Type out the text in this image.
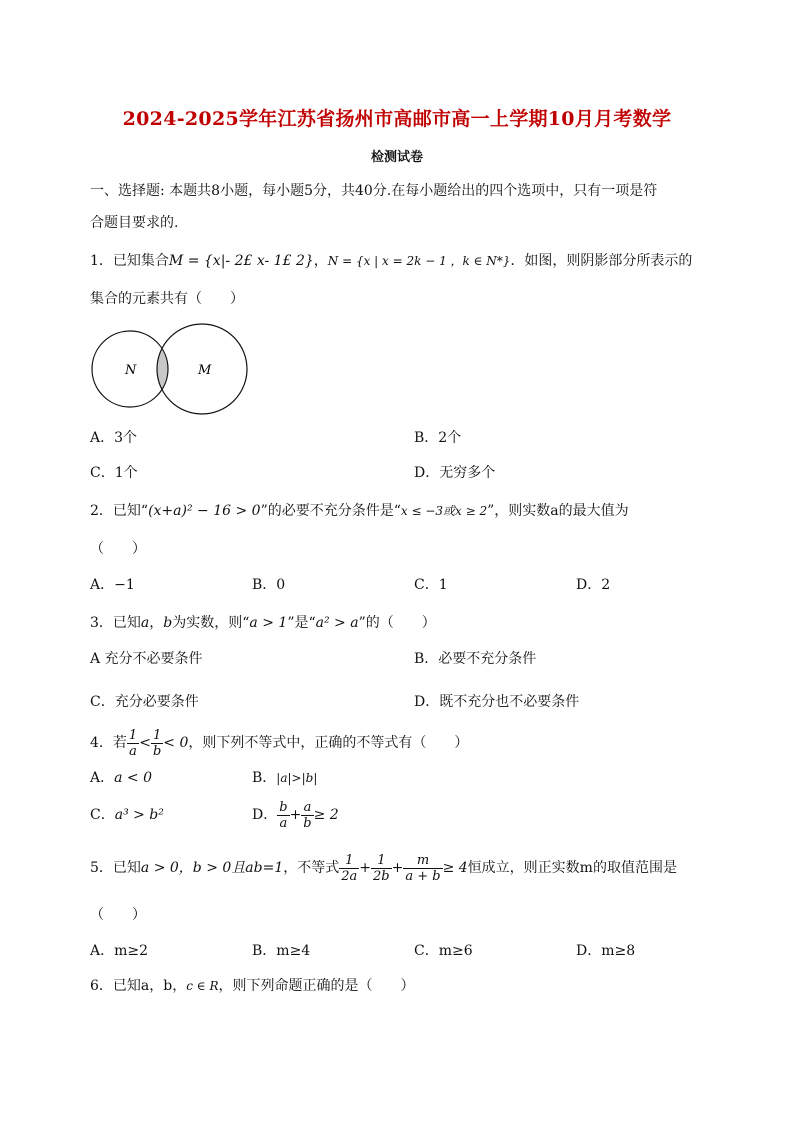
2024-2025学年江苏省扬州市高邮市高一上学期10月月考数学
检测试卷
一、选择题: 本题共8小题，每小题5分，共40分.在每小题给出的四个选项中，只有一项是符
合题目要求的.
1．已知集合M = {x|- 2£ x- 1£ 2}，N = {x | x = 2k − 1 ，k ∈ N*}．如图，则阴影部分所表示的
集合的元素共有（　　）
N	M
A．3个	B．2个
C．1个	D．无穷多个
2．已知“(x+a)² − 16 > 0”的必要不充分条件是“x ≤ −3或x ≥ 2”，则实数a的最大值为
（　　）
A．−1	B．0	C．1	D．2
3．已知a，b为实数，则“a > 1”是“a² > a”的（　　）
A 充分不必要条件	B．必要不充分条件
C．充分必要条件	D．既不充分也不必要条件
4．若 $\frac{1}{a} < \frac{1}{b} < 0$，则下列不等式中，正确的不等式有（　　）
A．a < 0	B．|a|>|b|
C．a³ > b²	D． $\frac{b}{a} + \frac{a}{b} \ge 2$
5．已知a > 0，b > 0且ab=1，不等式 $\frac{1}{2a} + \frac{1}{2b} + \frac{m}{a + b} \ge 4$恒成立，则正实数m的取值范围是
（　　）
A．m≥2	B．m≥4	C．m≥6	D．m≥8
6．已知a，b，c ∈ R，则下列命题正确的是（　　）
